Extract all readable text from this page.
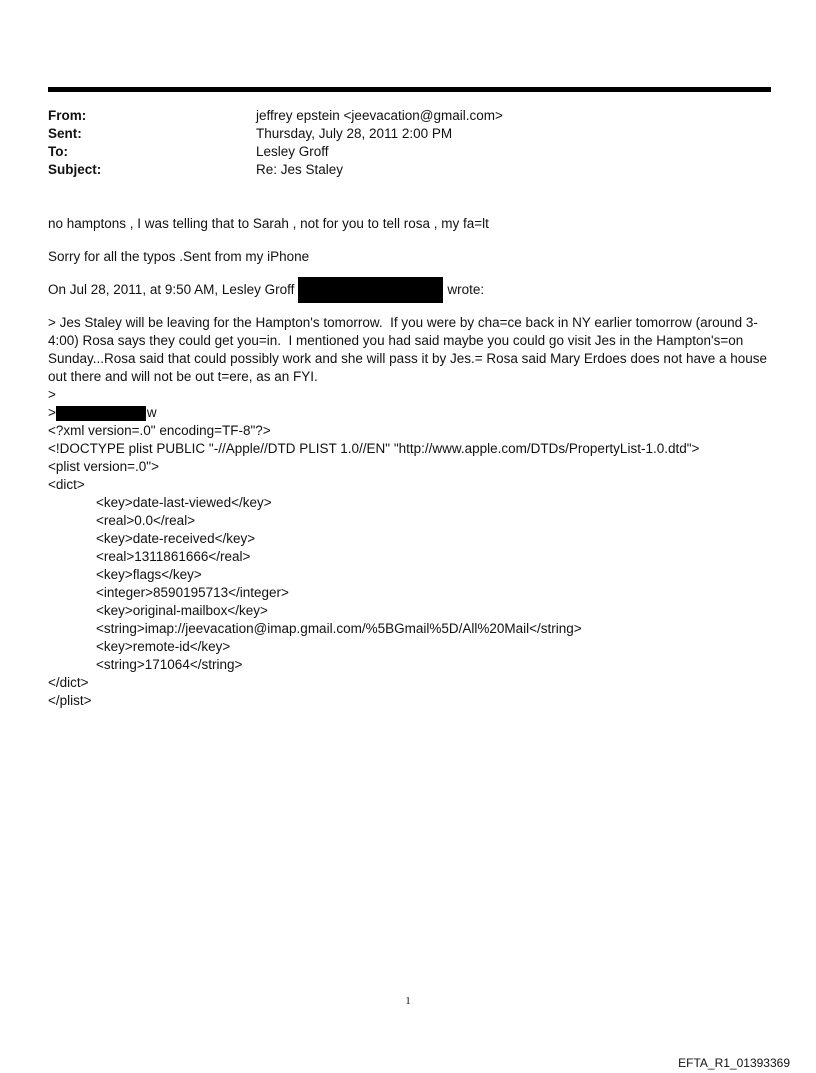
From:	jeffrey epstein <jeevacation@gmail.com>
Sent:	Thursday, July 28, 2011 2:00 PM
To:	Lesley Groff
Subject:	Re: Jes Staley

no hamptons , I was telling that to Sarah , not for you to tell rosa , my fa=lt

Sorry for all the typos .Sent from my iPhone

On Jul 28, 2011, at 9:50 AM, Lesley Groff	wrote:

> Jes Staley will be leaving for the Hampton's tomorrow.  If you were by cha=ce back in NY earlier tomorrow (around 3-4:00) Rosa says they could get you=in.  I mentioned you had said maybe you could go visit Jes in the Hampton's=on Sunday...Rosa said that could possibly work and she will pass it by Jes.= Rosa said Mary Erdoes does not have a house out there and will not be out t=ere, as an FYI.

>
>	w
<?xml version=.0" encoding=TF-8"?>
<!DOCTYPE plist PUBLIC "-//Apple//DTD PLIST 1.0//EN" "http://www.apple.com/DTDs/PropertyList-1.0.dtd">
<plist version=.0">
<dict>
<key>date-last-viewed</key>
<real>0.0</real>
<key>date-received</key>
<real>1311861666</real>
<key>flags</key>
<integer>8590195713</integer>
<key>original-mailbox</key>
<string>imap://jeevacation@imap.gmail.com/%5BGmail%5D/All%20Mail</string>
<key>remote-id</key>
<string>171064</string>
</dict>
</plist>
1
EFTA_R1_01393369
